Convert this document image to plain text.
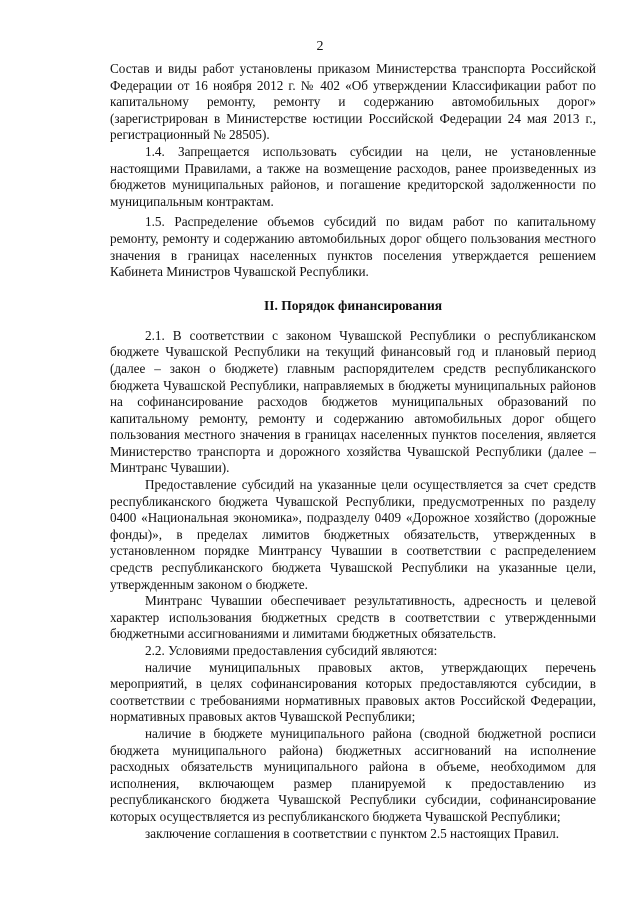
2

Состав и виды работ установлены приказом Министерства транспорта Российской Федерации от 16 ноября 2012 г. № 402 «Об утверждении Классификации работ по капитальному ремонту, ремонту и содержанию автомобильных дорог» (зарегистрирован в Министерстве юстиции Российской Федерации 24 мая 2013 г., регистрационный № 28505).

1.4. Запрещается использовать субсидии на цели, не установленные настоящими Правилами, а также на возмещение расходов, ранее произведенных из бюджетов муниципальных районов, и погашение кредиторской задолженности по муниципальным контрактам.

1.5. Распределение объемов субсидий по видам работ по капитальному ремонту, ремонту и содержанию автомобильных дорог общего пользования местного значения в границах населенных пунктов поселения утверждается решением Кабинета Министров Чувашской Республики.

II. Порядок финансирования

2.1. В соответствии с законом Чувашской Республики о республиканском бюджете Чувашской Республики на текущий финансовый год и плановый период (далее – закон о бюджете) главным распорядителем средств республиканского бюджета Чувашской Республики, направляемых в бюджеты муниципальных районов на софинансирование расходов бюджетов муниципальных образований по капитальному ремонту, ремонту и содержанию автомобильных дорог общего пользования местного значения в границах населенных пунктов поселения, является Министерство транспорта и дорожного хозяйства Чувашской Республики (далее – Минтранс Чувашии).

Предоставление субсидий на указанные цели осуществляется за счет средств республиканского бюджета Чувашской Республики, предусмотренных по разделу 0400 «Национальная экономика», подразделу 0409 «Дорожное хозяйство (дорожные фонды)», в пределах лимитов бюджетных обязательств, утвержденных в установленном порядке Минтрансу Чувашии в соответствии с распределением средств республиканского бюджета Чувашской Республики на указанные цели, утвержденным законом о бюджете.

Минтранс Чувашии обеспечивает результативность, адресность и целевой характер использования бюджетных средств в соответствии с утвержденными бюджетными ассигнованиями и лимитами бюджетных обязательств.

2.2. Условиями предоставления субсидий являются:

наличие муниципальных правовых актов, утверждающих перечень мероприятий, в целях софинансирования которых предоставляются субсидии, в соответствии с требованиями нормативных правовых актов Российской Федерации, нормативных правовых актов Чувашской Республики;

наличие в бюджете муниципального района (сводной бюджетной росписи бюджета муниципального района) бюджетных ассигнований на исполнение расходных обязательств муниципального района в объеме, необходимом для исполнения, включающем размер планируемой к предоставлению из республиканского бюджета Чувашской Республики субсидии, софинансирование которых осуществляется из республиканского бюджета Чувашской Республики;

заключение соглашения в соответствии с пунктом 2.5 настоящих Правил.
